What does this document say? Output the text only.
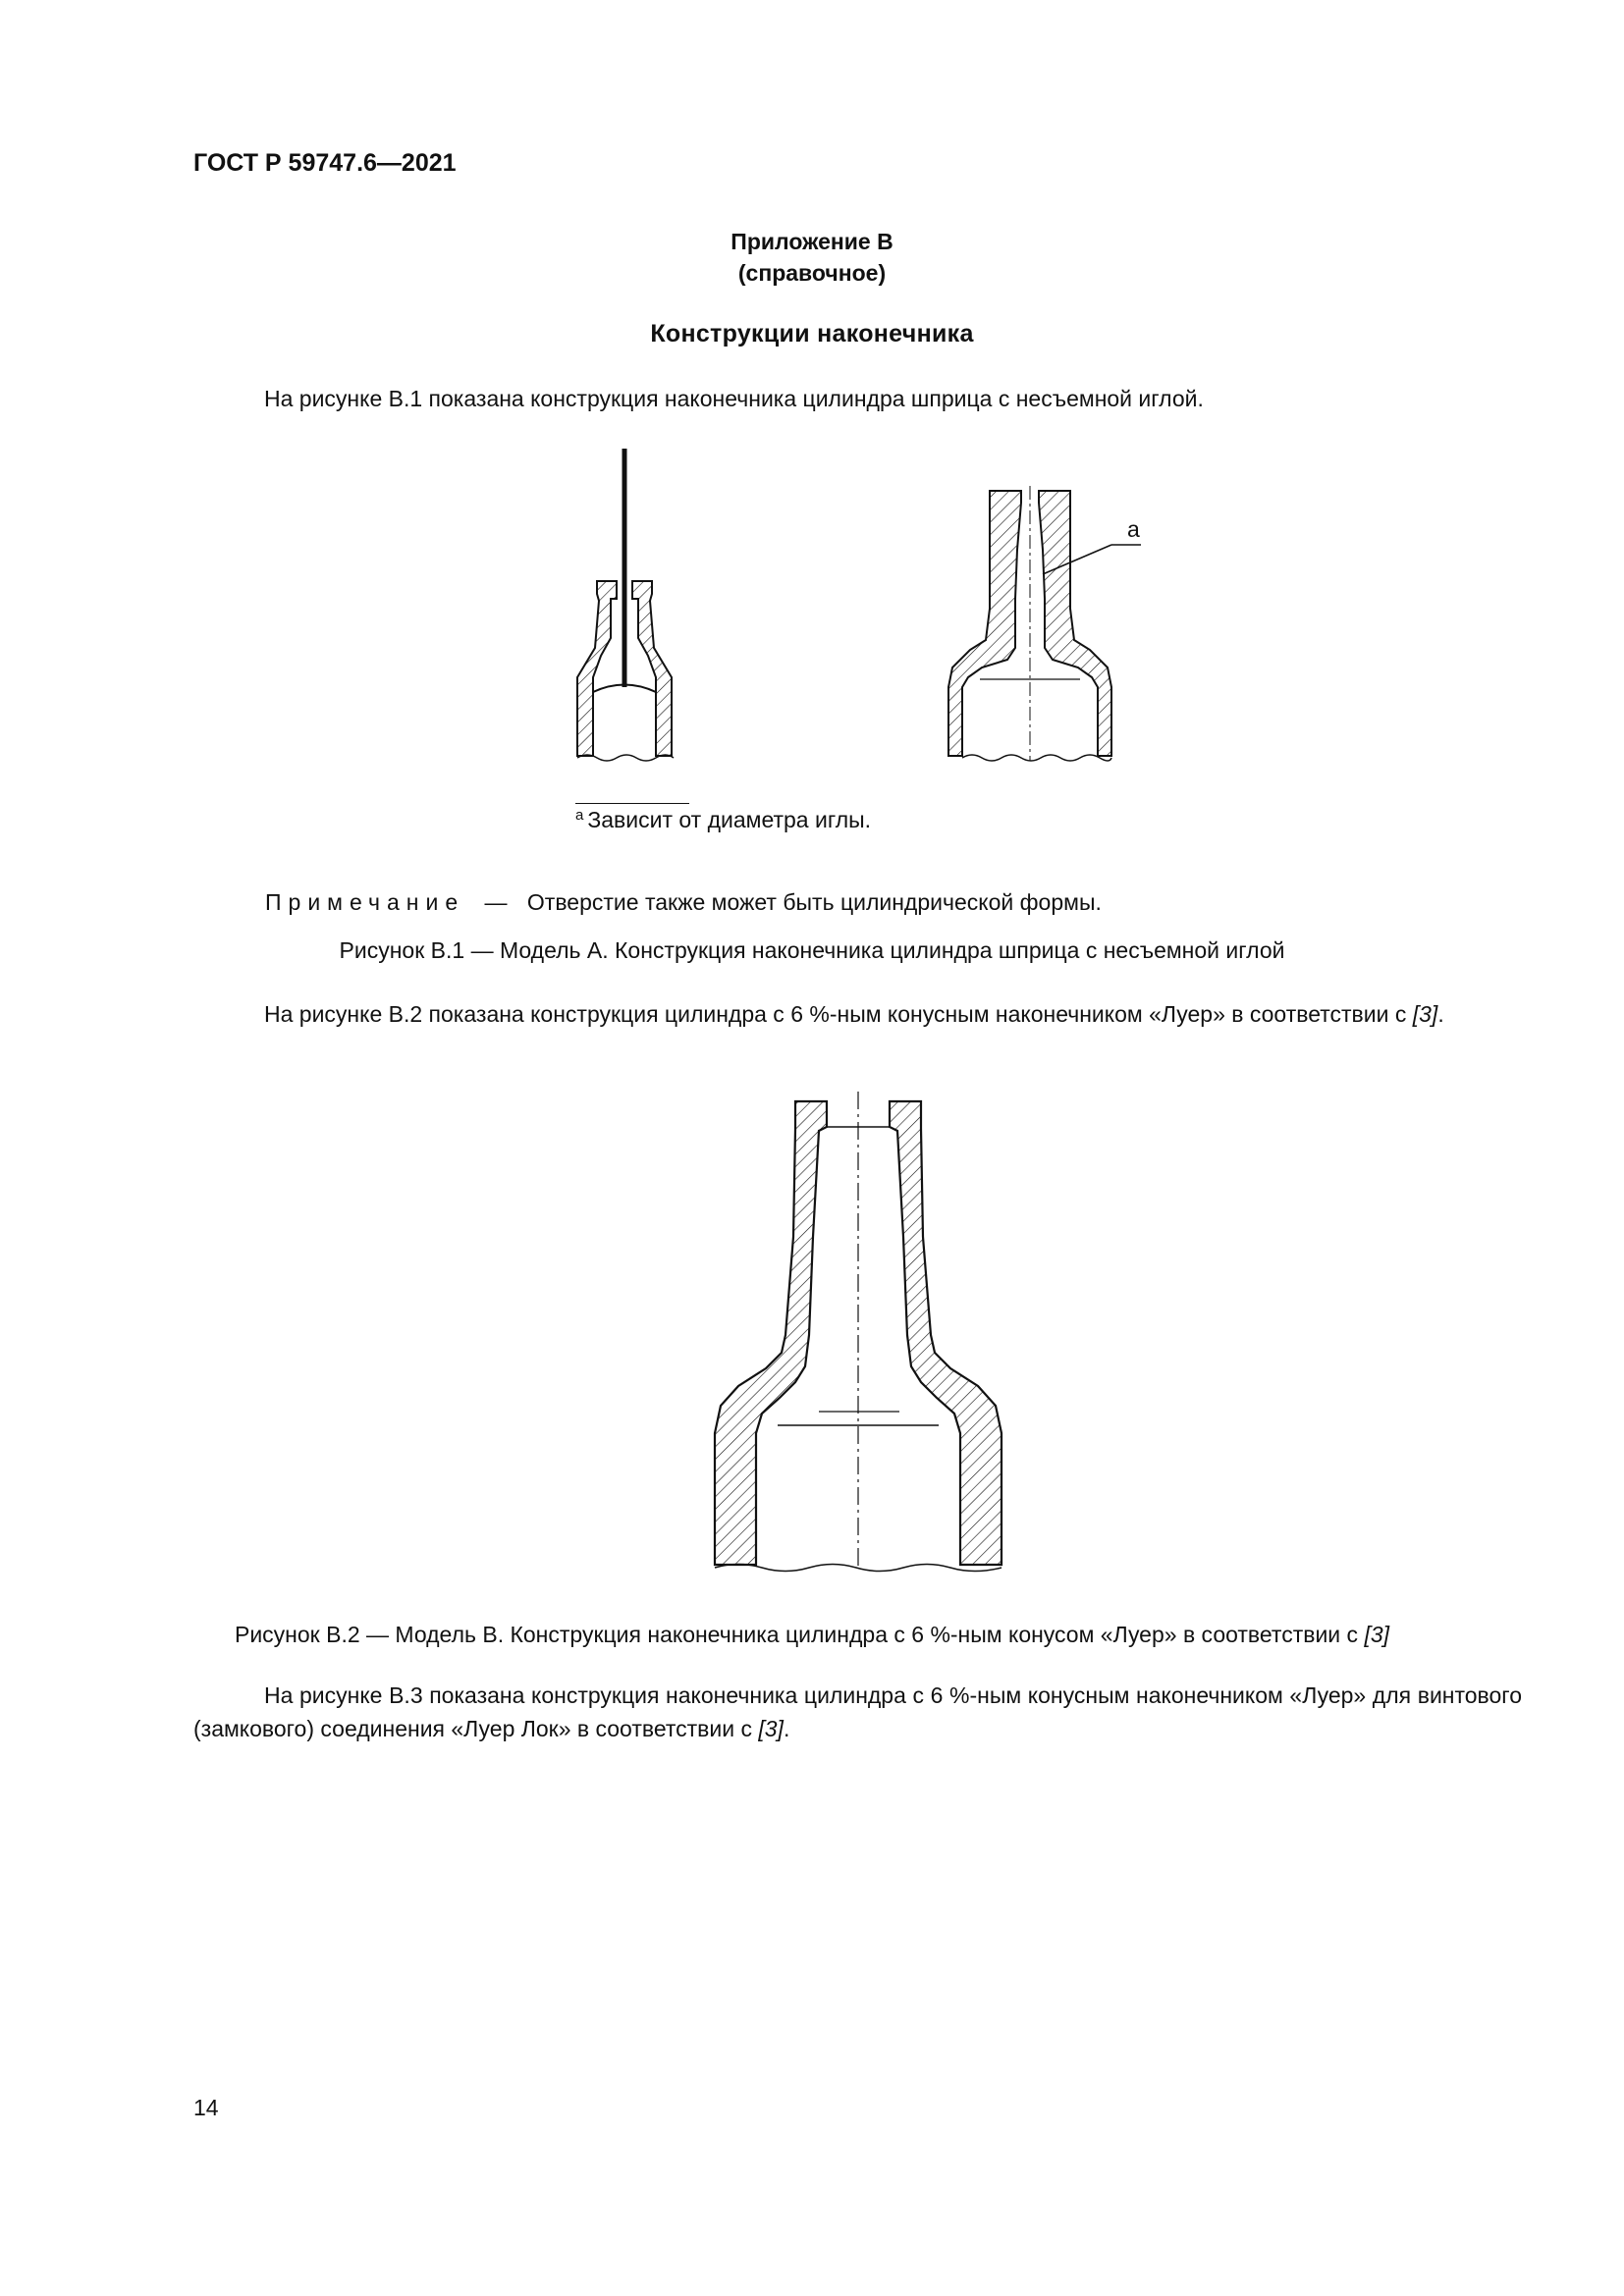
ГОСТ Р 59747.6—2021
Приложение В
(справочное)
Конструкции наконечника
На рисунке В.1 показана конструкция наконечника цилиндра шприца с несъемной иглой.
а
$^а$ Зависит от диаметра иглы.
Примечание — Отверстие также может быть цилиндрической формы.
Рисунок В.1 — Модель А. Конструкция наконечника цилиндра шприца с несъемной иглой
На рисунке В.2 показана конструкция цилиндра с 6 %-ным конусным наконечником «Луер» в соответствии с [3].
Рисунок В.2 — Модель В. Конструкция наконечника цилиндра с 6 %-ным конусом «Луер» в соответствии с [3]
На рисунке В.3 показана конструкция наконечника цилиндра с 6 %-ным конусным наконечником «Луер» для винтового (замкового) соединения «Луер Лок» в соответствии с [3].
14
